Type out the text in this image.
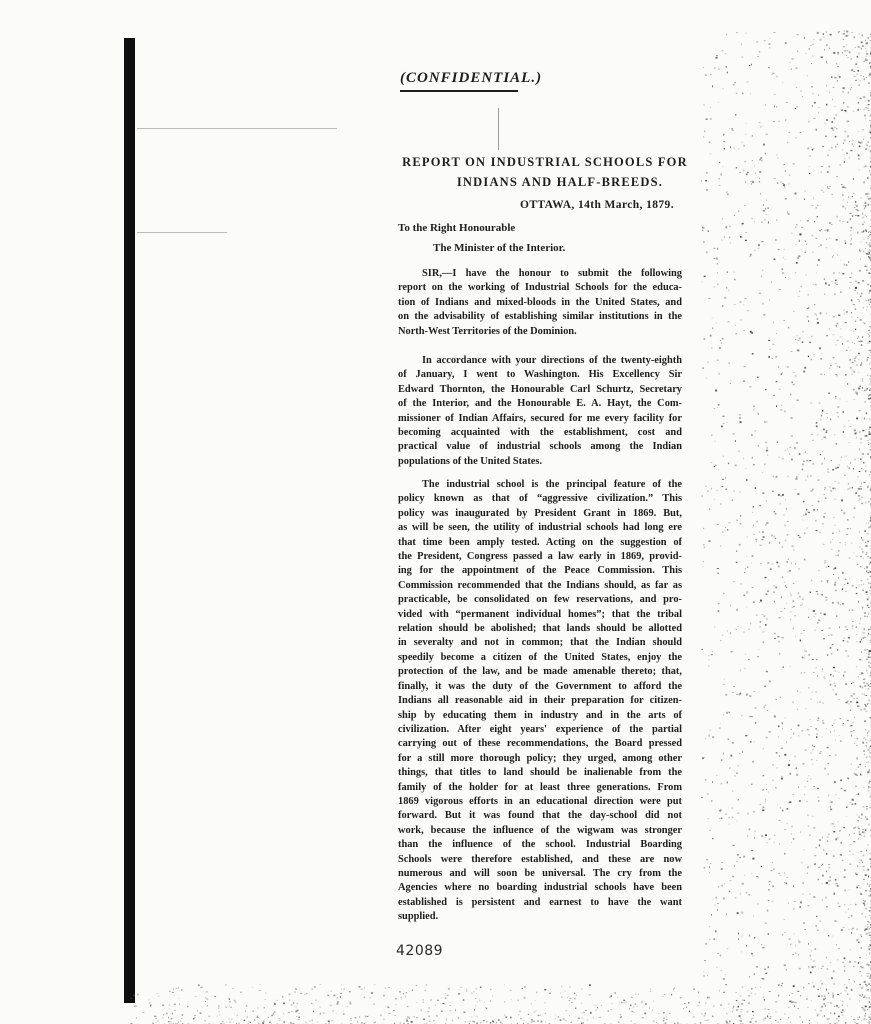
(CONFIDENTIAL.)
REPORT ON INDUSTRIAL SCHOOLS FOR
INDIANS AND HALF-BREEDS.
OTTAWA, 14th March, 1879.
To the Right Honourable
The Minister of the Interior.

SIR,—I have the honour to submit the following
report on the working of Industrial Schools for the educa-
tion of Indians and mixed-bloods in the United States, and
on the advisability of establishing similar institutions in the
North-West Territories of the Dominion.

In accordance with your directions of the twenty-eighth
of January, I went to Washington. His Excellency Sir
Edward Thornton, the Honourable Carl Schurtz, Secretary
of the Interior, and the Honourable E. A. Hayt, the Com-
missioner of Indian Affairs, secured for me every facility for
becoming acquainted with the establishment, cost and
practical value of industrial schools among the Indian
populations of the United States.

The industrial school is the principal feature of the
policy known as that of “aggressive civilization.” This
policy was inaugurated by President Grant in 1869. But,
as will be seen, the utility of industrial schools had long ere
that time been amply tested. Acting on the suggestion of
the President, Congress passed a law early in 1869, provid-
ing for the appointment of the Peace Commission. This
Commission recommended that the Indians should, as far as
practicable, be consolidated on few reservations, and pro-
vided with “permanent individual homes”; that the tribal
relation should be abolished; that lands should be allotted
in severalty and not in common; that the Indian should
speedily become a citizen of the United States, enjoy the
protection of the law, and be made amenable thereto; that,
finally, it was the duty of the Government to afford the
Indians all reasonable aid in their preparation for citizen-
ship by educating them in industry and in the arts of
civilization. After eight years' experience of the partial
carrying out of these recommendations, the Board pressed
for a still more thorough policy; they urged, among other
things, that titles to land should be inalienable from the
family of the holder for at least three generations. From
1869 vigorous efforts in an educational direction were put
forward. But it was found that the day-school did not
work, because the influence of the wigwam was stronger
than the influence of the school. Industrial Boarding
Schools were therefore established, and these are now
numerous and will soon be universal. The cry from the
Agencies where no boarding industrial schools have been
established is persistent and earnest to have the want
supplied.

42089
